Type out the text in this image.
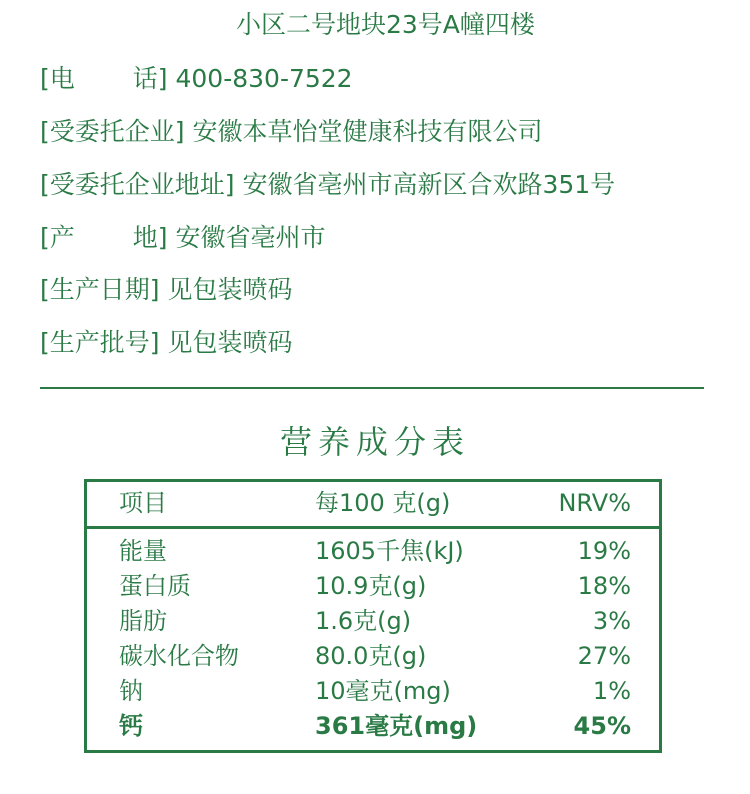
小区二号地块23号A幢四楼
[电 话] 400-830-7522
[受委托企业] 安徽本草怡堂健康科技有限公司
[受委托企业地址] 安徽省亳州市高新区合欢路351号
[产 地] 安徽省亳州市
[生产日期] 见包装喷码
[生产批号] 见包装喷码
营养成分表
项目	每100 克(g)	NRV%
能量	1605千焦(kJ)	19%
蛋白质	10.9克(g)	18%
脂肪	1.6克(g)	3%
碳水化合物	80.0克(g)	27%
钠	10毫克(mg)	1%
钙	361毫克(mg)	45%
